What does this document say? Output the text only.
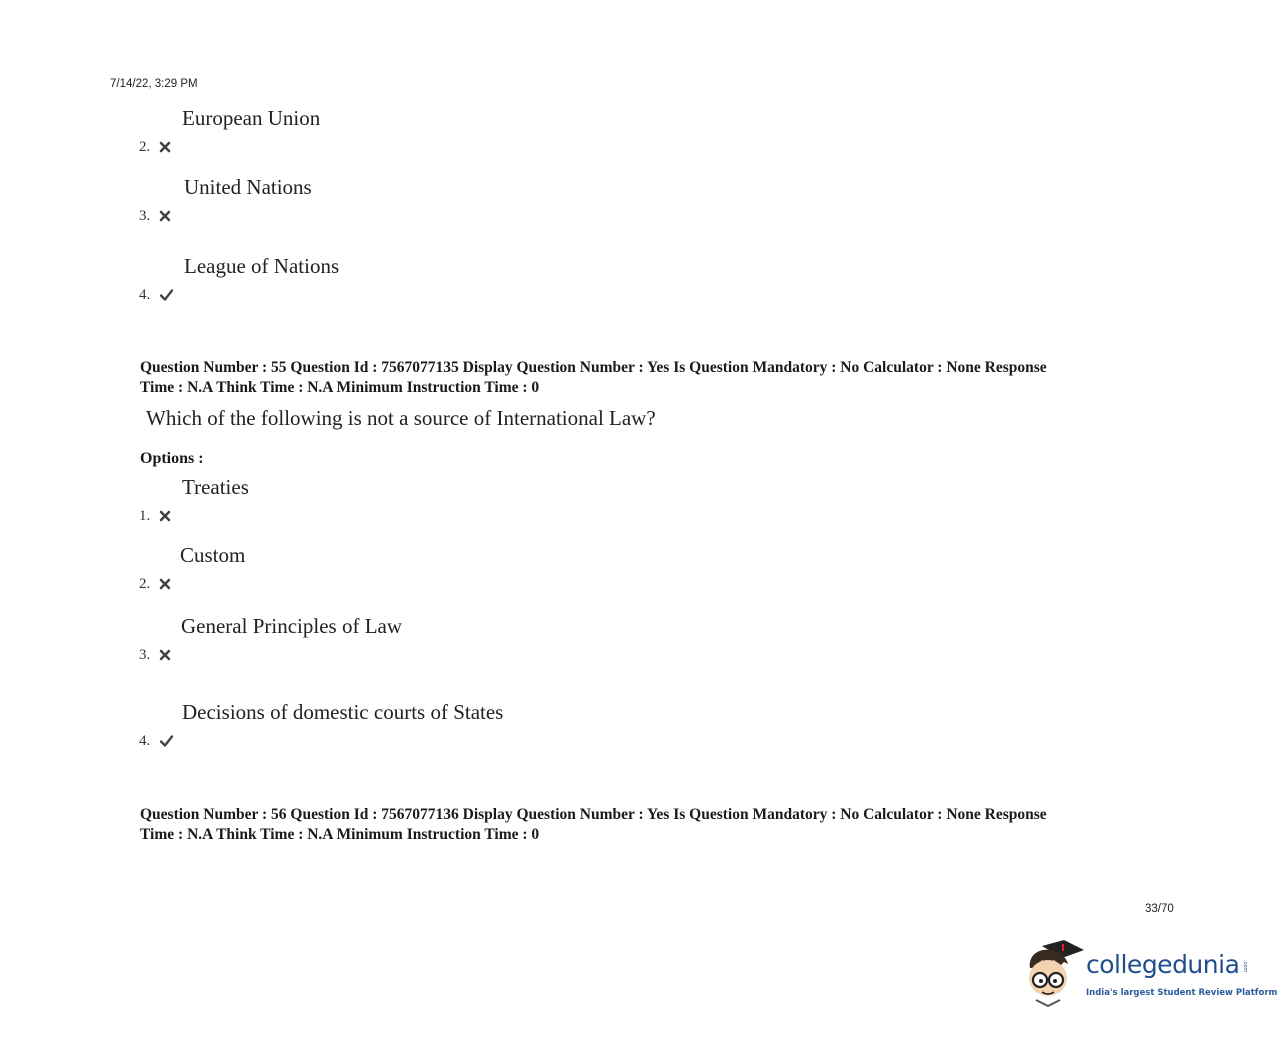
7/14/22, 3:29 PM
2.
European Union
3.
United Nations
4.
League of Nations
Question Number : 55 Question Id : 7567077135 Display Question Number : Yes Is Question Mandatory : No Calculator : None Response
Time : N.A Think Time : N.A Minimum Instruction Time : 0
Which of the following is not a source of International Law?
Options :
1.
Treaties
2.
Custom
3.
General Principles of Law
4.
Decisions of domestic courts of States
Question Number : 56 Question Id : 7567077136 Display Question Number : Yes Is Question Mandatory : No Calculator : None Response
Time : N.A Think Time : N.A Minimum Instruction Time : 0
33/70
collegedunia .com
India's largest Student Review Platform
